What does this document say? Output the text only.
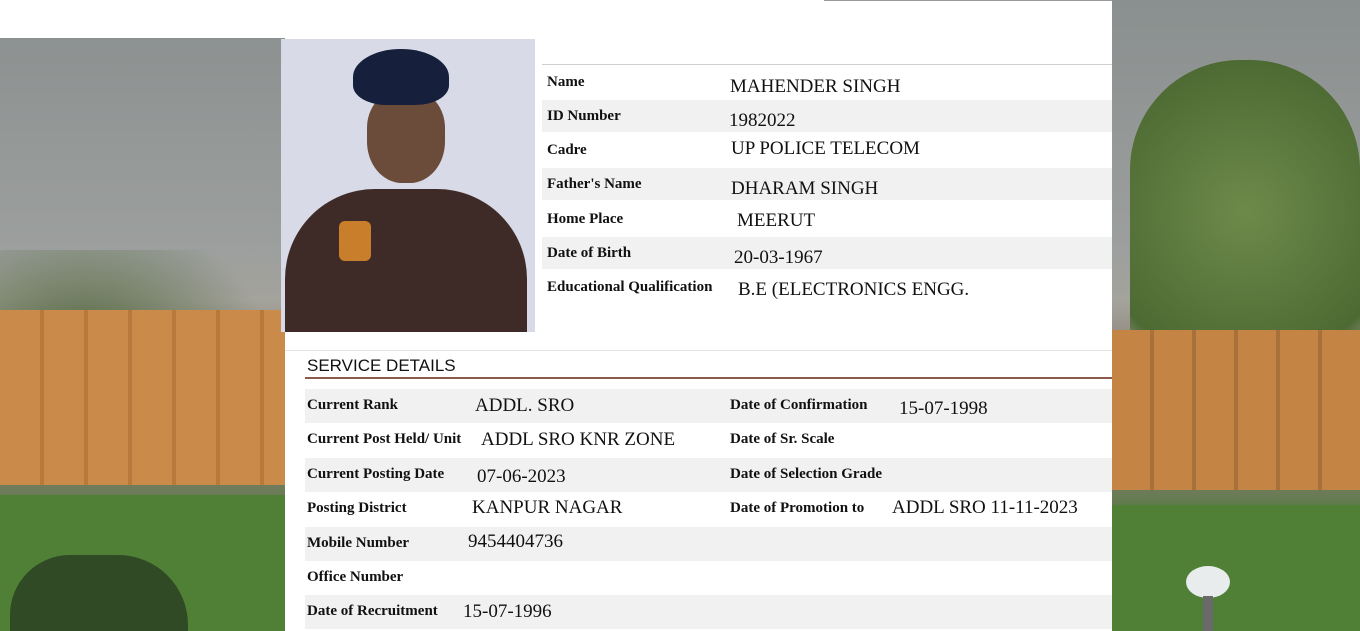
Name	MAHENDER SINGH
ID Number	1982022
Cadre	UP POLICE TELECOM
Father's Name	DHARAM SINGH
Home Place	MEERUT
Date of Birth	20-03-1967
Educational Qualification B.E (ELECTRONICS ENGG.
SERVICE DETAILS
Current Rank	ADDL. SRO	Date of Confirmation 15-07-1998
Current Post Held/ Unit ADDL SRO KNR ZONE	Date of Sr. Scale
Current Posting Date 07-06-2023	Date of Selection Grade
Posting District	KANPUR NAGAR	Date of Promotion to ADDL SRO 11-11-2023
Mobile Number	9454404736
Office Number
Date of Recruitment 15-07-1996
